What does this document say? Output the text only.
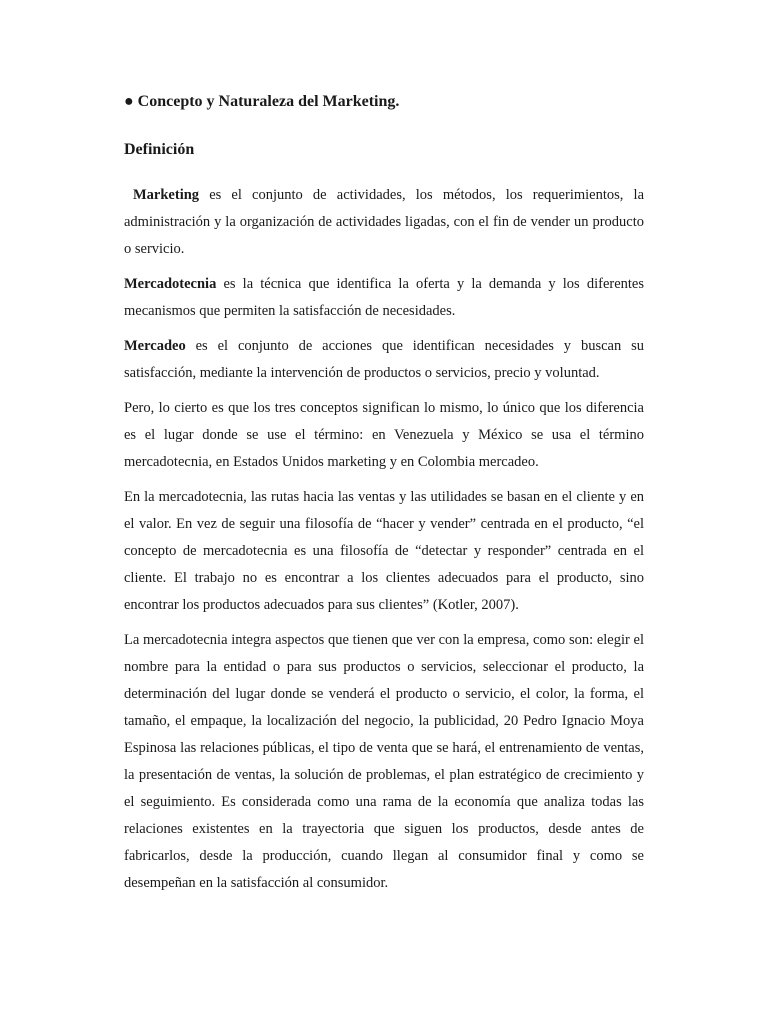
● Concepto y Naturaleza del Marketing.
Definición

Marketing es el conjunto de actividades, los métodos, los requerimientos, la administración y la organización de actividades ligadas, con el fin de vender un producto o servicio.

Mercadotecnia es la técnica que identifica la oferta y la demanda y los diferentes mecanismos que permiten la satisfacción de necesidades.

Mercadeo es el conjunto de acciones que identifican necesidades y buscan su satisfacción, mediante la intervención de productos o servicios, precio y voluntad.

Pero, lo cierto es que los tres conceptos significan lo mismo, lo único que los diferencia es el lugar donde se use el término: en Venezuela y México se usa el término mercadotecnia, en Estados Unidos marketing y en Colombia mercadeo.

En la mercadotecnia, las rutas hacia las ventas y las utilidades se basan en el cliente y en el valor. En vez de seguir una filosofía de “hacer y vender” centrada en el producto, “el concepto de mercadotecnia es una filosofía de “detectar y responder” centrada en el cliente. El trabajo no es encontrar a los clientes adecuados para el producto, sino encontrar los productos adecuados para sus clientes” (Kotler, 2007).

La mercadotecnia integra aspectos que tienen que ver con la empresa, como son: elegir el nombre para la entidad o para sus productos o servicios, seleccionar el producto, la determinación del lugar donde se venderá el producto o servicio, el color, la forma, el tamaño, el empaque, la localización del negocio, la publicidad, 20 Pedro Ignacio Moya Espinosa las relaciones públicas, el tipo de venta que se hará, el entrenamiento de ventas, la presentación de ventas, la solución de problemas, el plan estratégico de crecimiento y el seguimiento. Es considerada como una rama de la economía que analiza todas las relaciones existentes en la trayectoria que siguen los productos, desde antes de fabricarlos, desde la producción, cuando llegan al consumidor final y como se desempeñan en la satisfacción al consumidor.
